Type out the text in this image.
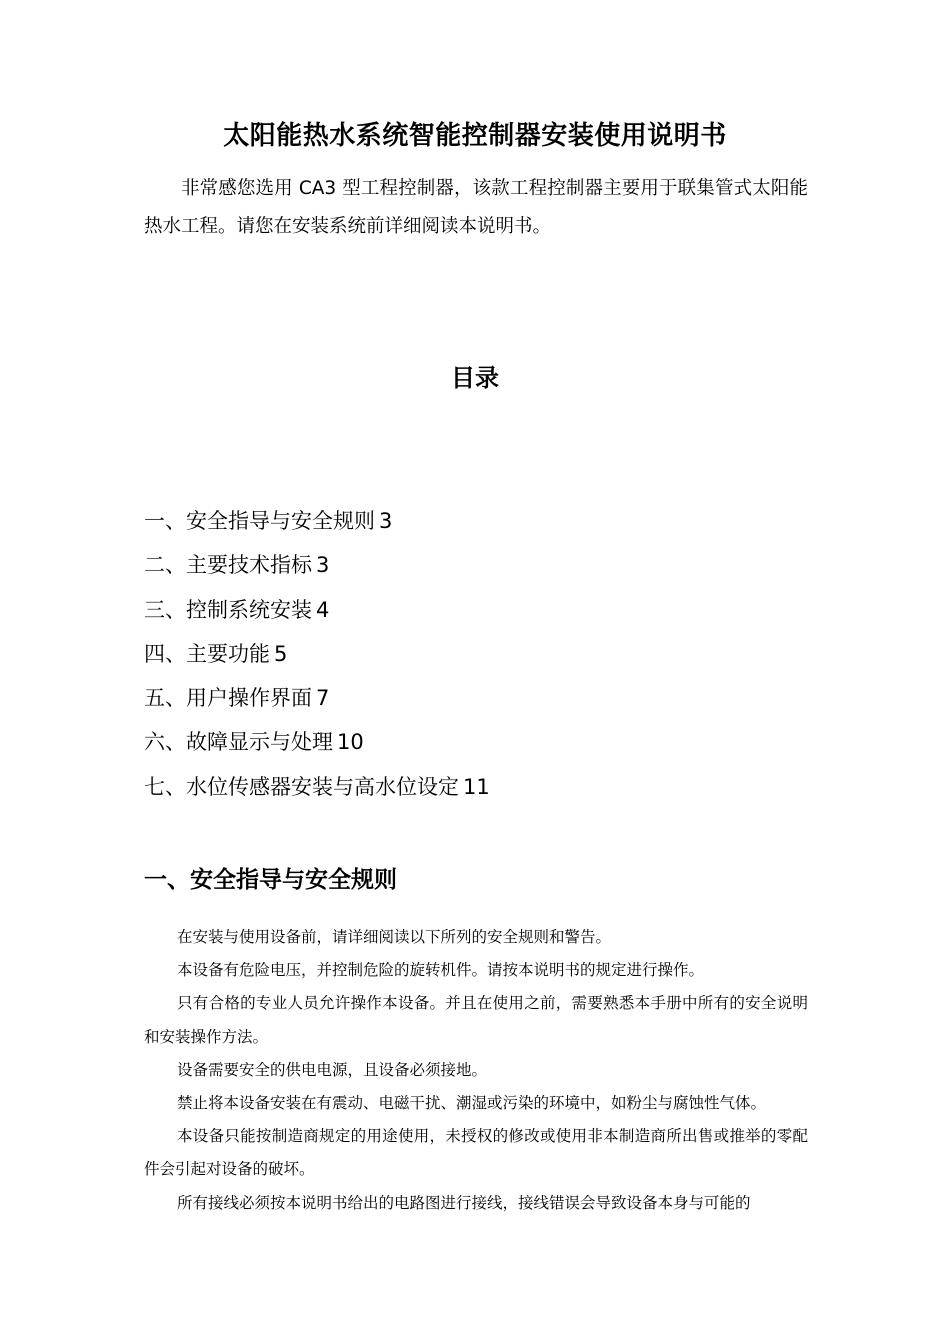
太阳能热水系统智能控制器安装使用说明书
非常感您选用 CA3 型工程控制器，该款工程控制器主要用于联集管式太阳能热水工程。请您在安装系统前详细阅读本说明书。
目录
一、安全指导与安全规则 3
二、主要技术指标 3
三、控制系统安装 4
四、主要功能 5
五、用户操作界面 7
六、故障显示与处理 10
七、水位传感器安装与高水位设定 11
一、安全指导与安全规则

在安装与使用设备前，请详细阅读以下所列的安全规则和警告。

本设备有危险电压，并控制危险的旋转机件。请按本说明书的规定进行操作。

只有合格的专业人员允许操作本设备。并且在使用之前，需要熟悉本手册中所有的安全说明和安装操作方法。

设备需要安全的供电电源，且设备必须接地。

禁止将本设备安装在有震动、电磁干扰、潮湿或污染的环境中，如粉尘与腐蚀性气体。

本设备只能按制造商规定的用途使用，未授权的修改或使用非本制造商所出售或推举的零配件会引起对设备的破坏。

所有接线必须按本说明书给出的电路图进行接线，接线错误会导致设备本身与可能的
